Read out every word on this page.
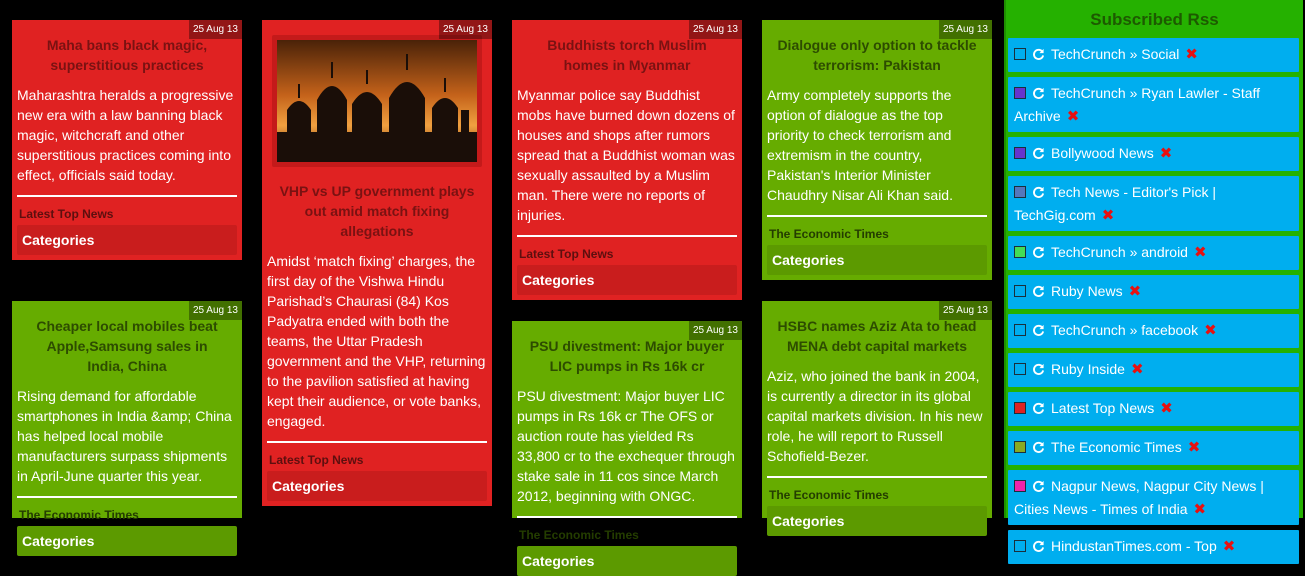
25 Aug 13
Maha bans black magic, superstitious practices
Maharashtra heralds a progressive new era with a law banning black magic, witchcraft and other superstitious practices coming into effect, officials said today.
Latest Top News
Categories
25 Aug 13
Cheaper local mobiles beat Apple,Samsung sales in India, China
Rising demand for affordable smartphones in India &amp; China has helped local mobile manufacturers surpass shipments in April-June quarter this year.
The Economic Times
Categories
25 Aug 13
VHP vs UP government plays out amid match fixing allegations
Amidst ‘match fixing’ charges, the first day of the Vishwa Hindu Parishad’s Chaurasi (84) Kos Padyatra ended with both the teams, the Uttar Pradesh government and the VHP, returning to the pavilion satisfied at having kept their audience, or vote banks, engaged.
Latest Top News
Categories
25 Aug 13
Buddhists torch Muslim homes in Myanmar
Myanmar police say Buddhist mobs have burned down dozens of houses and shops after rumors spread that a Buddhist woman was sexually assaulted by a Muslim man. There were no reports of injuries.
Latest Top News
Categories
25 Aug 13
PSU divestment: Major buyer LIC pumps in Rs 16k cr
PSU divestment: Major buyer LIC pumps in Rs 16k cr The OFS or auction route has yielded Rs 33,800 cr to the exchequer through stake sale in 11 cos since March 2012, beginning with ONGC.
The Economic Times
Categories
25 Aug 13
Dialogue only option to tackle terrorism: Pakistan
Army completely supports the option of dialogue as the top priority to check terrorism and extremism in the country, Pakistan's Interior Minister Chaudhry Nisar Ali Khan said.
The Economic Times
Categories
25 Aug 13
HSBC names Aziz Ata to head MENA debt capital markets
Aziz, who joined the bank in 2004, is currently a director in its global capital markets division. In his new role, he will report to Russell Schofield-Bezer.
The Economic Times
Categories
Subscribed Rss
TechCrunch » Social ✖
TechCrunch » Ryan Lawler - Staff Archive ✖
Bollywood News ✖
Tech News - Editor's Pick | TechGig.com ✖
TechCrunch » android ✖
Ruby News ✖
TechCrunch » facebook ✖
Ruby Inside ✖
Latest Top News ✖
The Economic Times ✖
Nagpur News, Nagpur City News | Cities News - Times of India ✖
HindustanTimes.com - Top ✖
